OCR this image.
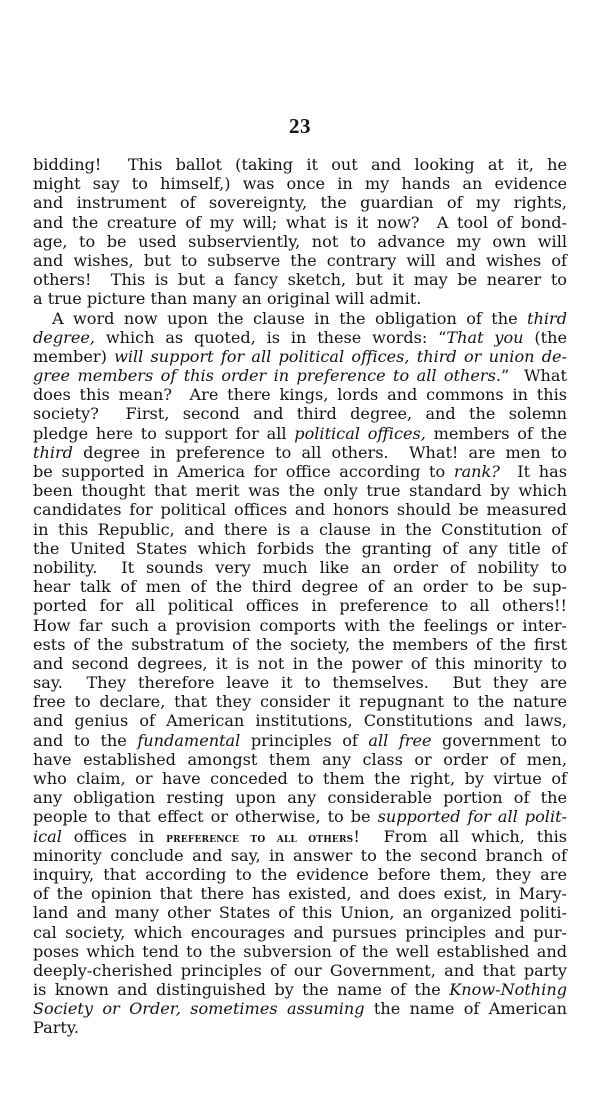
23
bidding!  This ballot (taking it out and looking at it, he
might say to himself,) was once in my hands an evidence
and instrument of sovereignty, the guardian of my rights,
and the creature of my will; what is it now?  A tool of bond-
age, to be used subserviently, not to advance my own will
and wishes, but to subserve the contrary will and wishes of
others!  This is but a fancy sketch, but it may be nearer to
a true picture than many an original will admit.
A word now upon the clause in the obligation of the third
degree, which as quoted, is in these words: “That you (the
member) will support for all political offices, third or union de-
gree members of this order in preference to all others.”  What
does this mean?  Are there kings, lords and commons in this
society?  First, second and third degree, and the solemn
pledge here to support for all political offices, members of the
third degree in preference to all others.  What! are men to
be supported in America for office according to rank?  It has
been thought that merit was the only true standard by which
candidates for political offices and honors should be measured
in this Republic, and there is a clause in the Constitution of
the United States which forbids the granting of any title of
nobility.  It sounds very much like an order of nobility to
hear talk of men of the third degree of an order to be sup-
ported for all political offices in preference to all others!!
How far such a provision comports with the feelings or inter-
ests of the substratum of the society, the members of the first
and second degrees, it is not in the power of this minority to
say.  They therefore leave it to themselves.  But they are
free to declare, that they consider it repugnant to the nature
and genius of American institutions, Constitutions and laws,
and to the fundamental principles of all free government to
have established amongst them any class or order of men,
who claim, or have conceded to them the right, by virtue of
any obligation resting upon any considerable portion of the
people to that effect or otherwise, to be supported for all polit-
ical offices in preference to all others!  From all which, this
minority conclude and say, in answer to the second branch of
inquiry, that according to the evidence before them, they are
of the opinion that there has existed, and does exist, in Mary-
land and many other States of this Union, an organized politi-
cal society, which encourages and pursues principles and pur-
poses which tend to the subversion of the well established and
deeply-cherished principles of our Government, and that party
is known and distinguished by the name of the Know-Nothing
Society or Order, sometimes assuming the name of American
Party.
